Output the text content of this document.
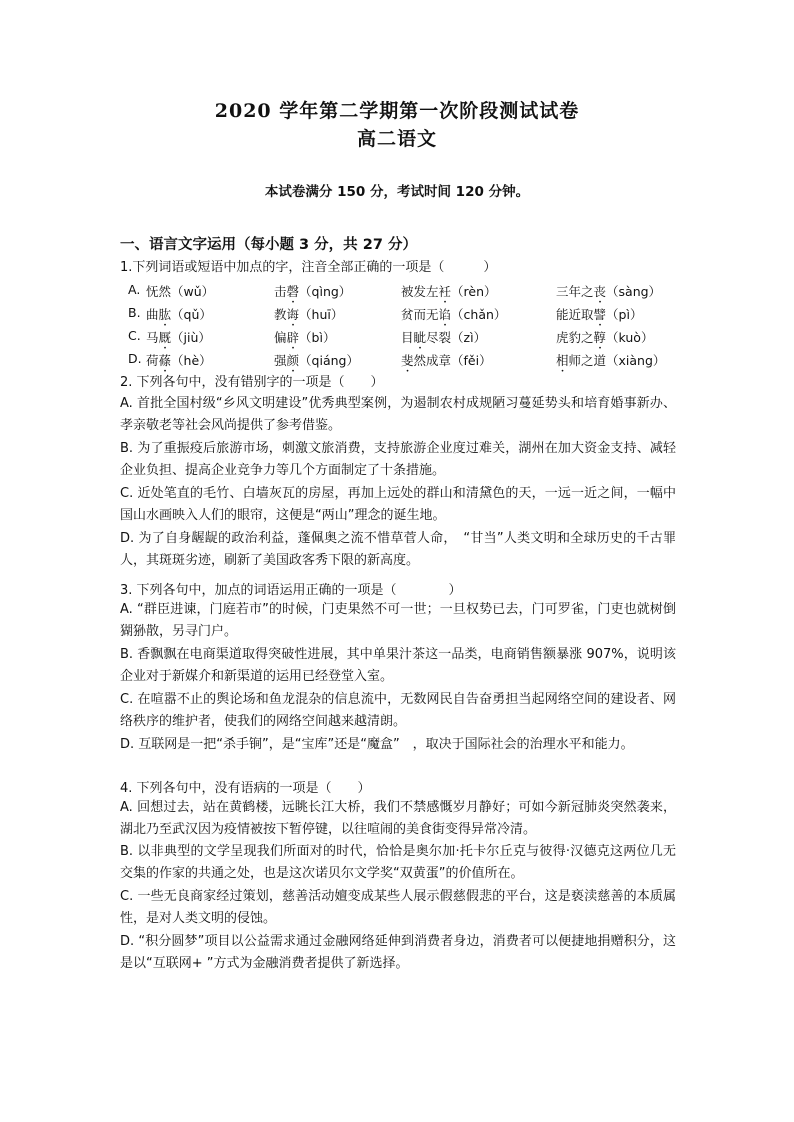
2020 学年第二学期第一次阶段测试试卷
高二语文
本试卷满分 150 分，考试时间 120 分钟。
一、语言文字运用（每小题 3 分，共 27 分）
1.下列词语或短语中加点的字，注音全部正确的一项是（　　　）
A. 怃然（wǔ）	击磬（qìng）	被发左衽（rèn）	三年之丧（sàng）
B. 曲肱（qǔ）	教诲（huī）	贫而无谄（chǎn）	能近取譬（pì）
C. 马厩（jiù）	偏辟（bì）	目眦尽裂（zì）	虎豹之鞟（kuò）
D. 荷蓧（hè）	强颜（qiáng）	斐然成章（fěi）	相师之道（xiàng）
2. 下列各句中，没有错别字的一项是（　　）
A. 首批全国村级“乡风文明建设”优秀典型案例，为遏制农村成规陋习蔓延势头和培育婚事新办、孝亲敬老等社会风尚提供了参考借鉴。
B. 为了重振疫后旅游市场，刺激文旅消费，支持旅游企业度过难关，湖州在加大资金支持、减轻企业负担、提高企业竞争力等几个方面制定了十条措施。
C. 近处笔直的毛竹、白墙灰瓦的房屋，再加上远处的群山和清黛色的天，一远一近之间，一幅中国山水画映入人们的眼帘，这便是“两山”理念的诞生地。
D. 为了自身龌龊的政治利益，蓬佩奥之流不惜草菅人命，　“甘当”人类文明和全球历史的千古罪人，其斑斑劣迹，刷新了美国政客秀下限的新高度。
3. 下列各句中，加点的词语运用正确的一项是（　　　　）
A. “群臣进谏，门庭若市”的时候，门吏果然不可一世；一旦权势已去，门可罗雀，门吏也就树倒猢狲散，另寻门户。
B. 香飘飘在电商渠道取得突破性进展，其中单果汁茶这一品类，电商销售额暴涨 907%，说明该企业对于新媒介和新渠道的运用已经登堂入室。
C. 在喧嚣不止的舆论场和鱼龙混杂的信息流中，无数网民自告奋勇担当起网络空间的建设者、网络秩序的维护者，使我们的网络空间越来越清朗。
D. 互联网是一把“杀手锏”，是“宝库”还是“魔盒”　，取决于国际社会的治理水平和能力。
4. 下列各句中，没有语病的一项是（　　）
A. 回想过去，站在黄鹤楼，远眺长江大桥，我们不禁感慨岁月静好；可如今新冠肺炎突然袭来，湖北乃至武汉因为疫情被按下暂停键，以往喧闹的美食街变得异常冷清。
B. 以非典型的文学呈现我们所面对的时代，恰恰是奥尔加·托卡尔丘克与彼得·汉德克这两位几无交集的作家的共通之处，也是这次诺贝尔文学奖“双黄蛋”的价值所在。
C. 一些无良商家经过策划，慈善活动嬗变成某些人展示假慈假悲的平台，这是亵渎慈善的本质属性，是对人类文明的侵蚀。
D. “积分圆梦”项目以公益需求通过金融网络延伸到消费者身边，消费者可以便捷地捐赠积分，这是以“互联网+ ”方式为金融消费者提供了新选择。
